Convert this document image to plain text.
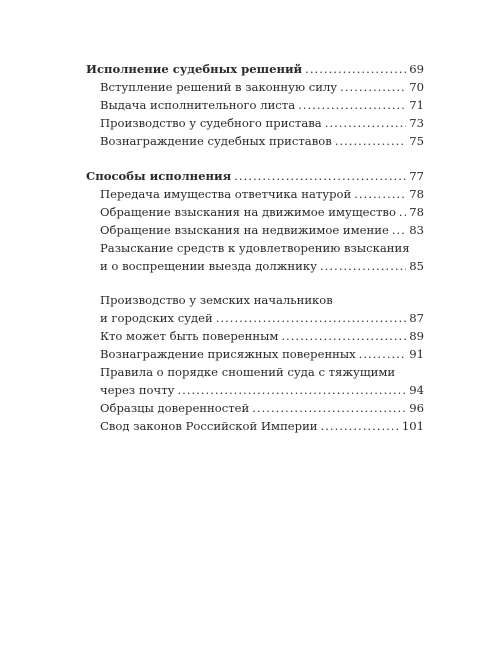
Исполнение судебных решений .....	69
Вступление решений в законную силу .....	70
Выдача исполнительного листа .....	71
Производство у судебного пристава .....	73
Вознаграждение судебных приставов .....	75
Способы исполнения .....	77
Передача имущества ответчика натурой .....	78
Обращение взыскания на движимое имущество ..... 78
Обращение взыскания на недвижимое имение ..... 83
Разыскание средств к удовлетворению взыскания
и о воспрещении выезда должнику .....	85
Производство у земских начальников
и городских судей .....	87
Кто может быть поверенным .....	89
Вознаграждение присяжных поверенных .....	91
Правила о порядке сношений суда с тяжущими
через почту .....	94
Образцы доверенностей .....	96
Свод законов Российской Империи .....	101
